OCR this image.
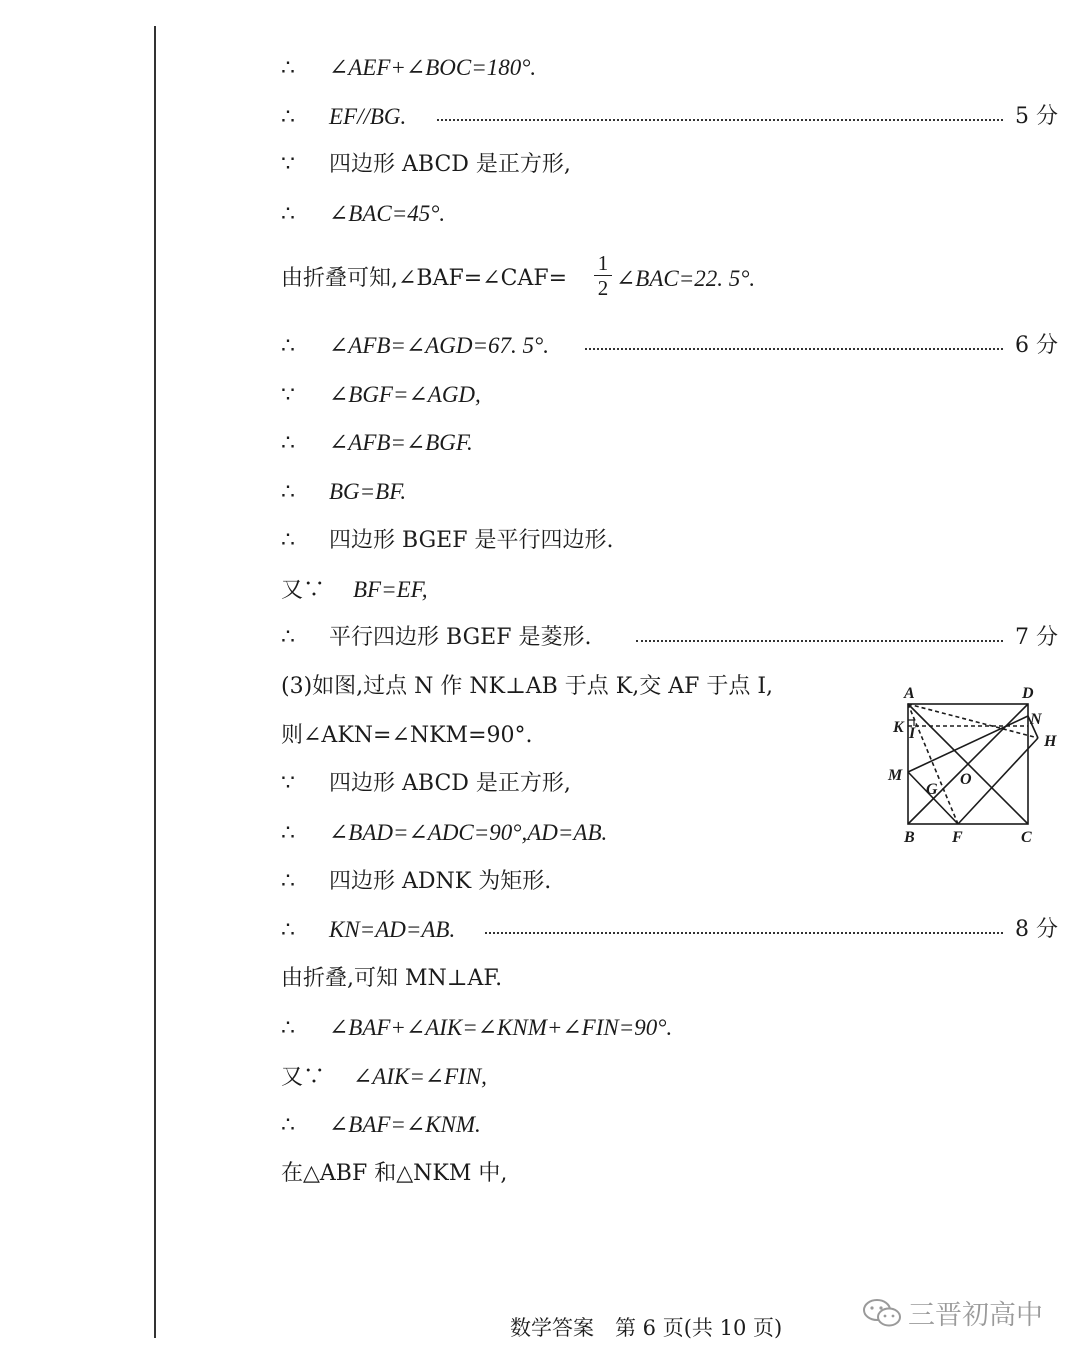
∴ ∠AEF+∠BOC=180°.
∴ EF//BG.	5 分
∵ 四边形 ABCD 是正方形,
∴ ∠BAC=45°.
由折叠可知,∠BAF=∠CAF=
1
2 ∠BAC=22. 5°.
∴ ∠AFB=∠AGD=67. 5°.	6 分
∵ ∠BGF=∠AGD,
∴ ∠AFB=∠BGF.
∴ BG=BF.
∴ 四边形 BGEF 是平行四边形.
又∵ BF=EF,
∴ 平行四边形 BGEF 是菱形.	7 分
(3)如图,过点 N 作 NK⊥AB 于点 K,交 AF 于点 I,
则∠AKN=∠NKM=90°.
∵ 四边形 ABCD 是正方形,
∴ ∠BAD=∠ADC=90°,AD=AB.
∴ 四边形 ADNK 为矩形.
∴ KN=AD=AB.	8 分
由折叠,可知 MN⊥AF.
∴ ∠BAF+∠AIK=∠KNM+∠FIN=90°.
又∵ ∠AIK=∠FIN,
∴ ∠BAF=∠KNM.
在△ABF 和△NKM 中,
A	D
K I
N
H
M
G
O
B F	C
数学答案　第 6 页(共 10 页)	三晋初高中
